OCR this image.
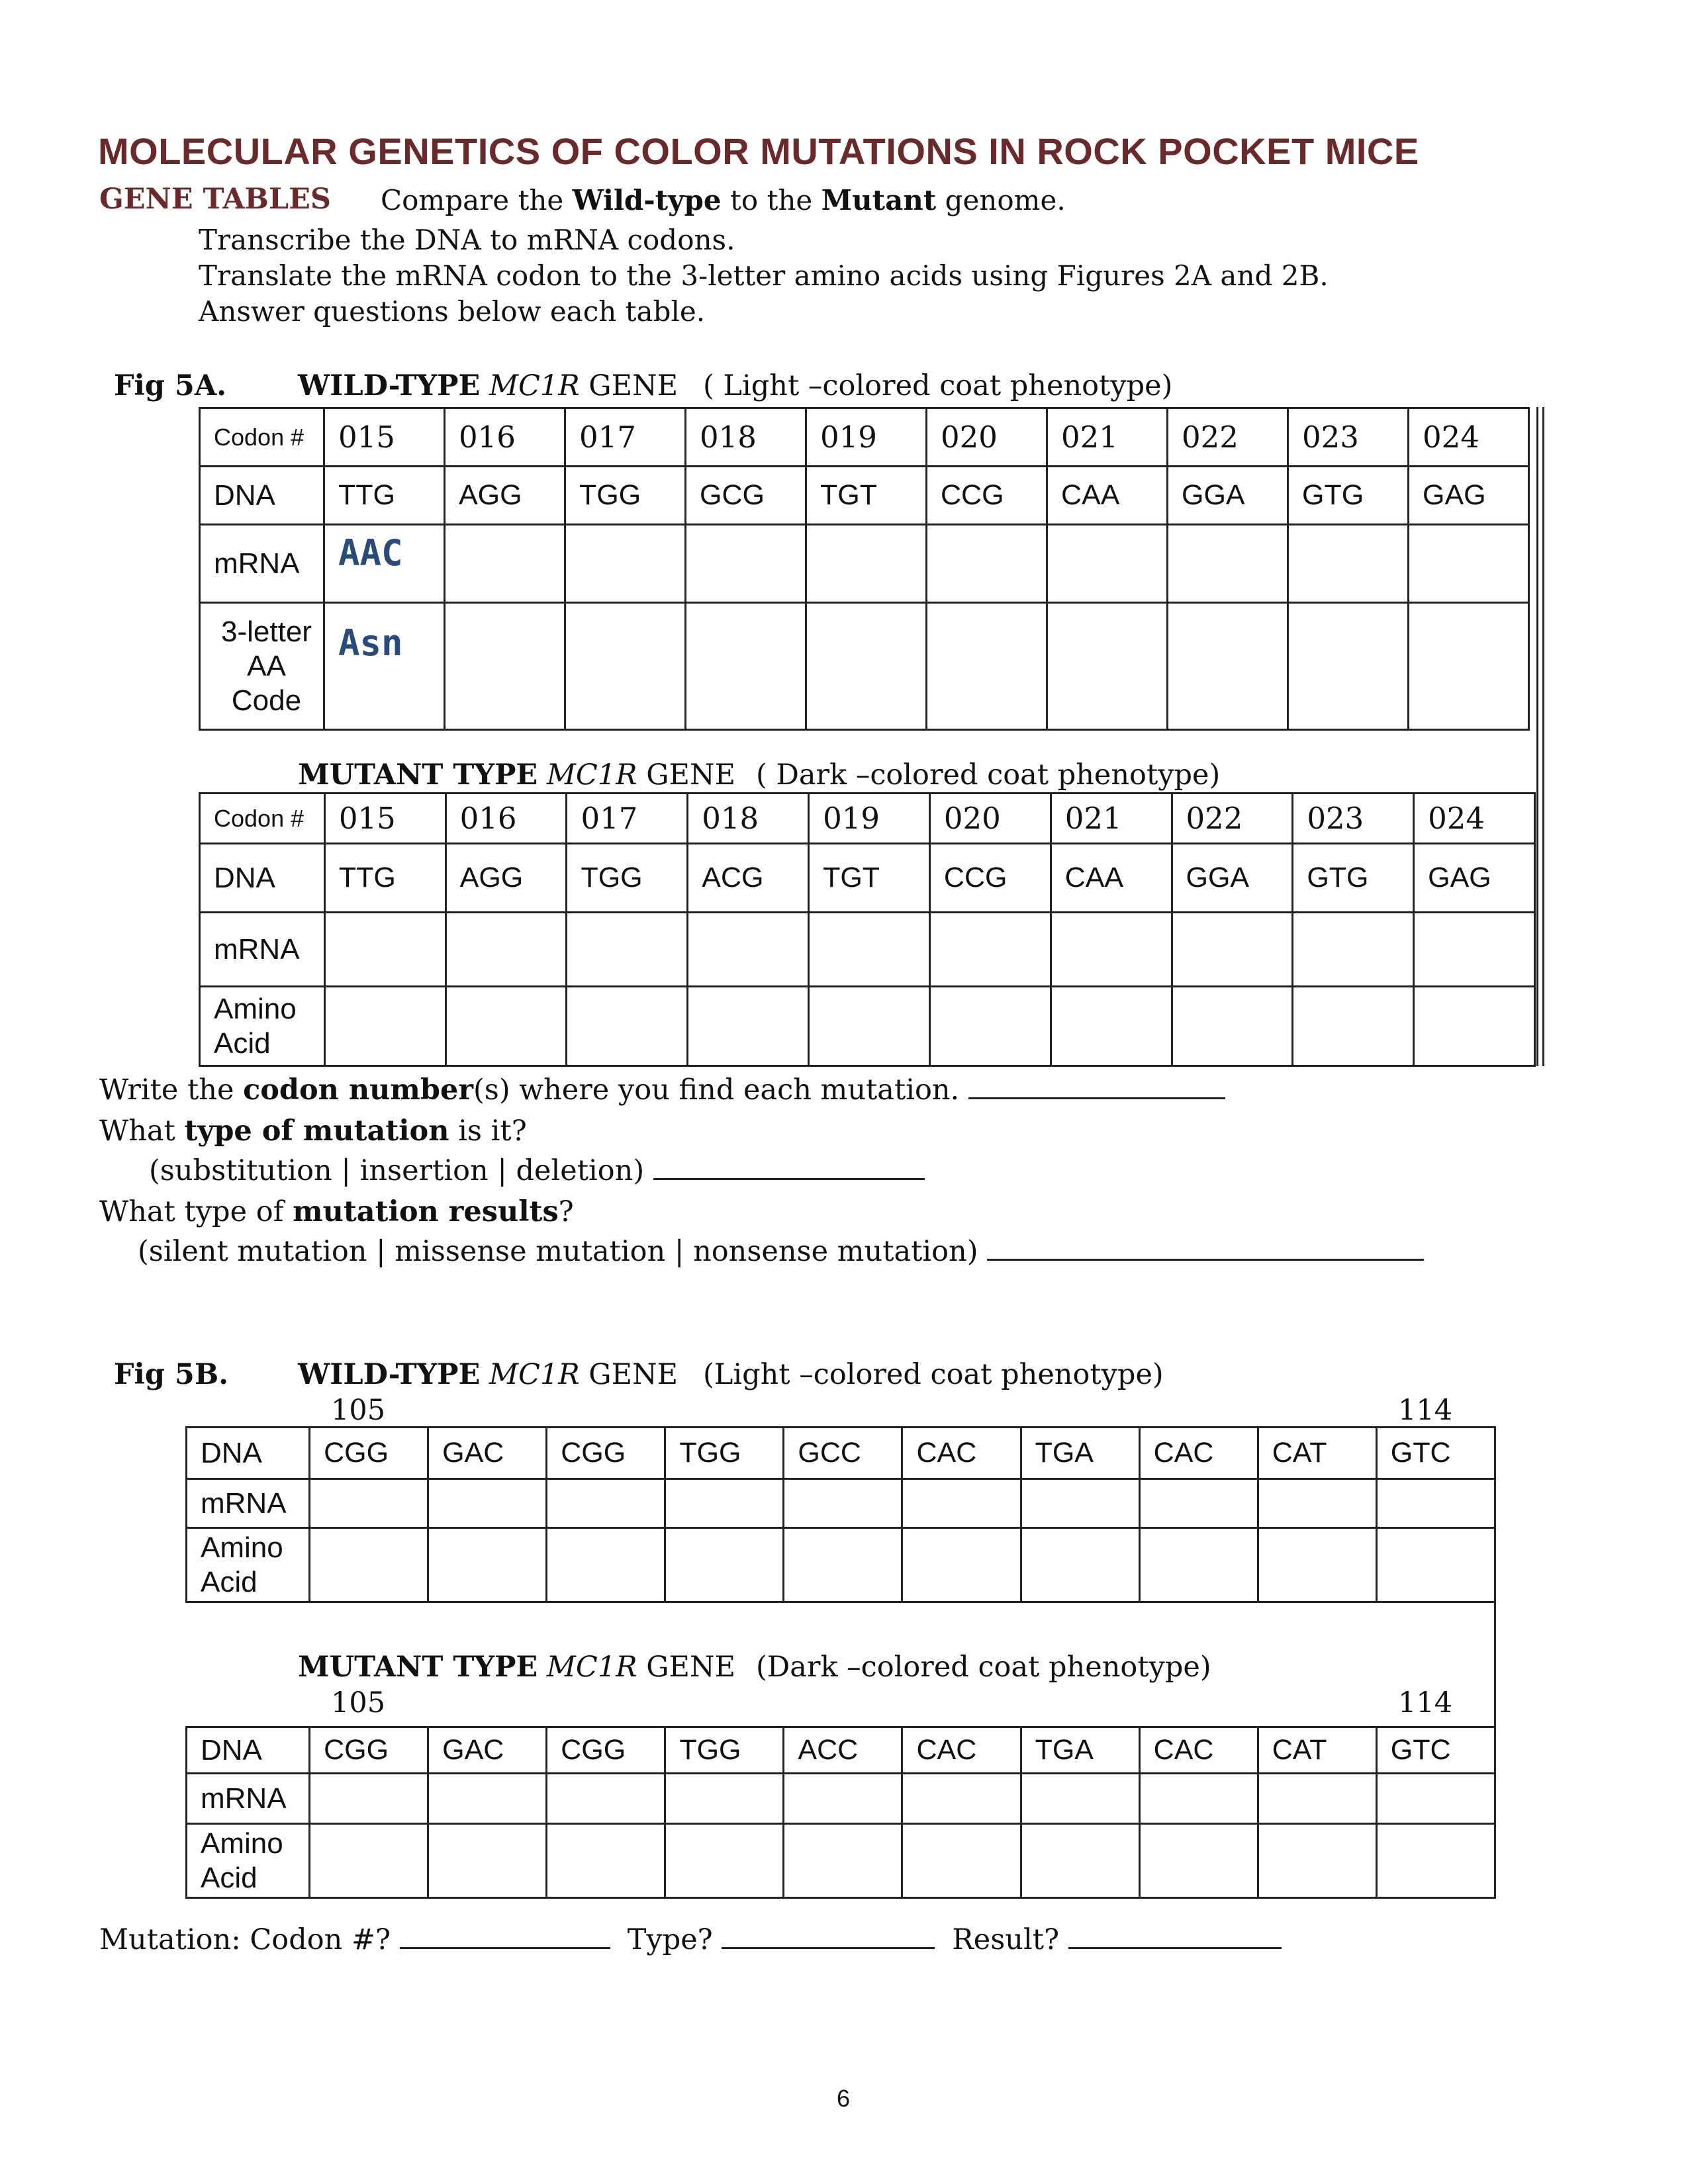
MOLECULAR GENETICS OF COLOR MUTATIONS IN ROCK POCKET MICE
GENE TABLES Compare the Wild-type to the Mutant genome.
Transcribe the DNA to mRNA codons.
Translate the mRNA codon to the 3-letter amino acids using Figures 2A and 2B.
Answer questions below each table.
Fig 5A.	WILD-TYPE MC1R GENE ( Light –colored coat phenotype)
Codon #	015	016	017	018	019	020	021	022	023	024
DNA	TTG	AGG	TGG	GCG	TGT	CCG	CAA	GGA	GTG	GAG
mRNA	AAC									
3-letter AA Code	Asn									
MUTANT TYPE MC1R GENE ( Dark –colored coat phenotype)
Codon #	015	016	017	018	019	020	021	022	023	024
DNA	TTG	AGG	TGG	ACG	TGT	CCG	CAA	GGA	GTG	GAG
mRNA										
Amino Acid										
Write the codon number(s) where you find each mutation.
What type of mutation is it?
(substitution | insertion | deletion)
What type of mutation results?
(silent mutation | missense mutation | nonsense mutation)
Fig 5B. WILD-TYPE MC1R GENE (Light –colored coat phenotype)
105	114
DNA	CGG	GAC	CGG	TGG	GCC	CAC	TGA	CAC	CAT	GTC
mRNA										
Amino Acid										
MUTANT TYPE MC1R GENE (Dark –colored coat phenotype)
105	114
DNA	CGG	GAC	CGG	TGG	ACC	CAC	TGA	CAC	CAT	GTC
mRNA										
Amino Acid										
Mutation: Codon #?	Type?	Result?
6
